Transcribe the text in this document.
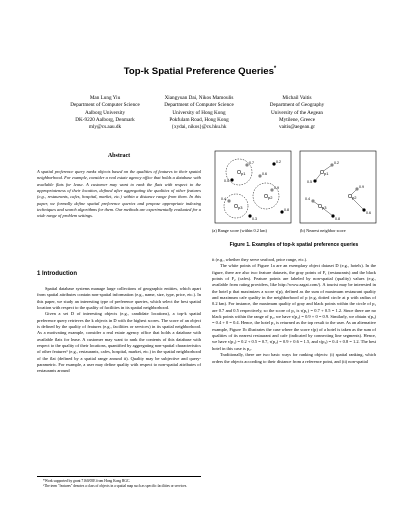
Top-k Spatial Preference Queries*
Man Lung Yiu
Department of Computer Science
Aalborg University
DK-9220 Aalborg, Denmark
mly@cs.aau.dk
Xiangyuan Dai, Nikos Mamoulis
Department of Computer Science
University of Hong Kong
Pokfulam Road, Hong Kong
{xydai, nikos}@cs.hku.hk
Michail Vaitis
Department of Geography
University of the Aegean
Mytilene, Greece
vaitis@aegean.gr
Abstract
A spatial preference query ranks objects based on the qualities of features in their spatial neighborhood. For example, consider a real estate agency office that holds a database with available flats for lease. A customer may want to rank the flats with respect to the appropriateness of their location, defined after aggregating the qualities of other features (e.g., restaurants, cafes, hospital, market, etc.) within a distance range from them. In this paper, we formally define spatial preference queries and propose appropriate indexing techniques and search algorithms for them. Our methods are experimentally evaluated for a wide range of problem settings.
1 Introduction

Spatial database systems manage large collections of geographic entities, which apart from spatial attributes contain non-spatial information (e.g., name, size, type, price, etc.). In this paper, we study an interesting type of preference queries, which select the best spatial location with respect to the quality of facilities in its spatial neighborhood.

Given a set D of interesting objects (e.g., candidate locations), a top-k spatial preference query retrieves the k objects in D with the highest scores. The score of an object is defined by the quality of features (e.g., facilities or services) in its spatial neighborhood. As a motivating example, consider a real estate agency office that holds a database with available flats for lease. A customer may want to rank the contents of this database with respect to the quality of their locations, quantified by aggregating non-spatial characteristics of other features¹ (e.g., restaurants, cafes, hospital, market, etc.) in the spatial neighborhood of the flat (defined by a spatial range around it). Quality may be subjective and query-parametric. For example, a user may define quality with respect to non-spatial attributes of restaurants around

*Work supported by grant 7160/05E from Hong Kong RGC.
¹The term "features" denotes a class of objects in a spatial map such as specific facilities or services.
p1
p2
p3
0.7
0.5
0.9
0.4
0.2
0.8
0.6
0.3
p1
p2
p3
0.2
0.5
0.9
0.6
0.4
0.8
(a) Range score (within 0.2 km)	(b) Nearest neighbor score
Figure 1. Examples of top-k spatial preference queries

it (e.g., whether they serve seafood, price range, etc.).

The white points of Figure 1a are an exemplary object dataset D (e.g., hotels). In the figure, there are also two feature datasets, the gray points of F₁ (restaurants) and the black points of F₂ (cafes). Feature points are labeled by non-spatial (quality) values (e.g., available from rating providers, like http://www.zagat.com/). A tourist may be interested in the hotel p that maximizes a score τ(p), defined as the sum of maximum restaurant quality and maximum cafe quality in the neighborhood of p (e.g, dotted circle at p with radius of 0.2 km). For instance, the maximum quality of gray and black points within the circle of p₁ are 0.7 and 0.5 respectively, so the score of p₁ is τ(p₁) = 0.7 + 0.5 = 1.2. Since there are no black points within the range of p₂, we have τ(p₂) = 0.9 + 0 = 0.9. Similarly, we obtain τ(p₃) = 0.4 + 0 = 0.4. Hence, the hotel p₁ is returned as the top result to the user. As an alternative example, Figure 1b illustrates the case where the score τ(p) of a hotel is taken as the sum of qualities of its nearest restaurant and cafe (indicated by connecting line segments). Hence, we have τ(p₁) = 0.2 + 0.5 = 0.7, τ(p₂) = 0.9 + 0.6 = 1.5, and τ(p₃) = 0.4 + 0.8 = 1.2. The best hotel in this case is p₂.

Traditionally, there are two basic ways for ranking objects: (i) spatial ranking, which orders the objects according to their distance from a reference point, and (ii) non-spatial
